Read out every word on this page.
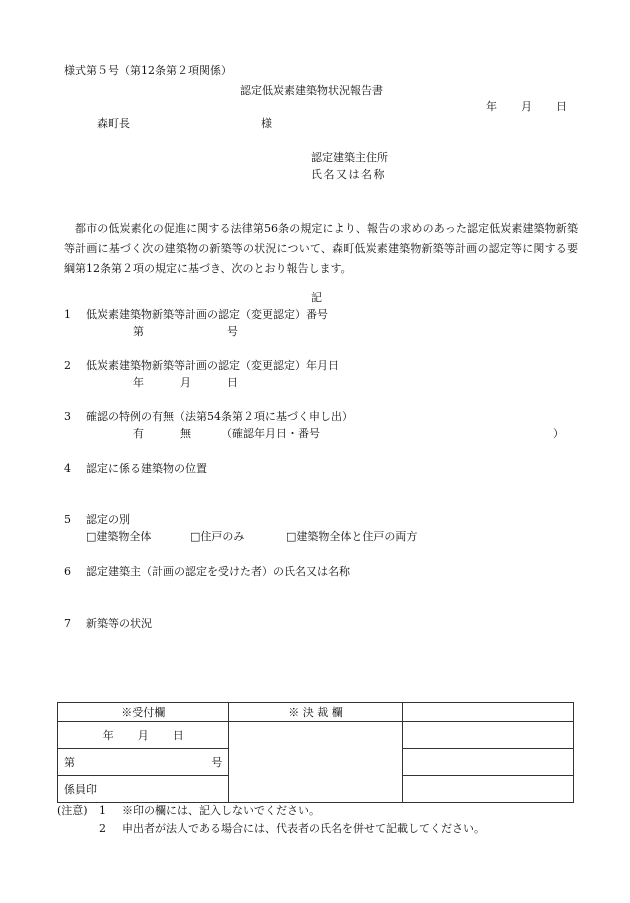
様式第５号（第12条第２項関係）
認定低炭素建築物状況報告書
年 月 日
森町長	様
認定建築主住所
氏名又は名称
都市の低炭素化の促進に関する法律第56条の規定により、報告の求めのあった認定低炭素建築物新築等計画に基づく次の建築物の新築等の状況について、森町低炭素建築物新築等計画の認定等に関する要綱第12条第２項の規定に基づき、次のとおり報告します。
記
1 低炭素建築物新築等計画の認定（変更認定）番号
第	号
2 低炭素建築物新築等計画の認定（変更認定）年月日
年	月	日
3 確認の特例の有無（法第54条第２項に基づく申し出）
有	無	（確認年月日・番号	）
4 認定に係る建築物の位置
5 認定の別
□建築物全体	□住戸のみ	□建築物全体と住戸の両方
6 認定建築主（計画の認定を受けた者）の氏名又は名称
7 新築等の状況
※受付欄	※ 決 裁 欄	
年 月 日		

第 号		

係員印		

(注意) 1 ※印の欄には、記入しないでください。
2 申出者が法人である場合には、代表者の氏名を併せて記載してください。
